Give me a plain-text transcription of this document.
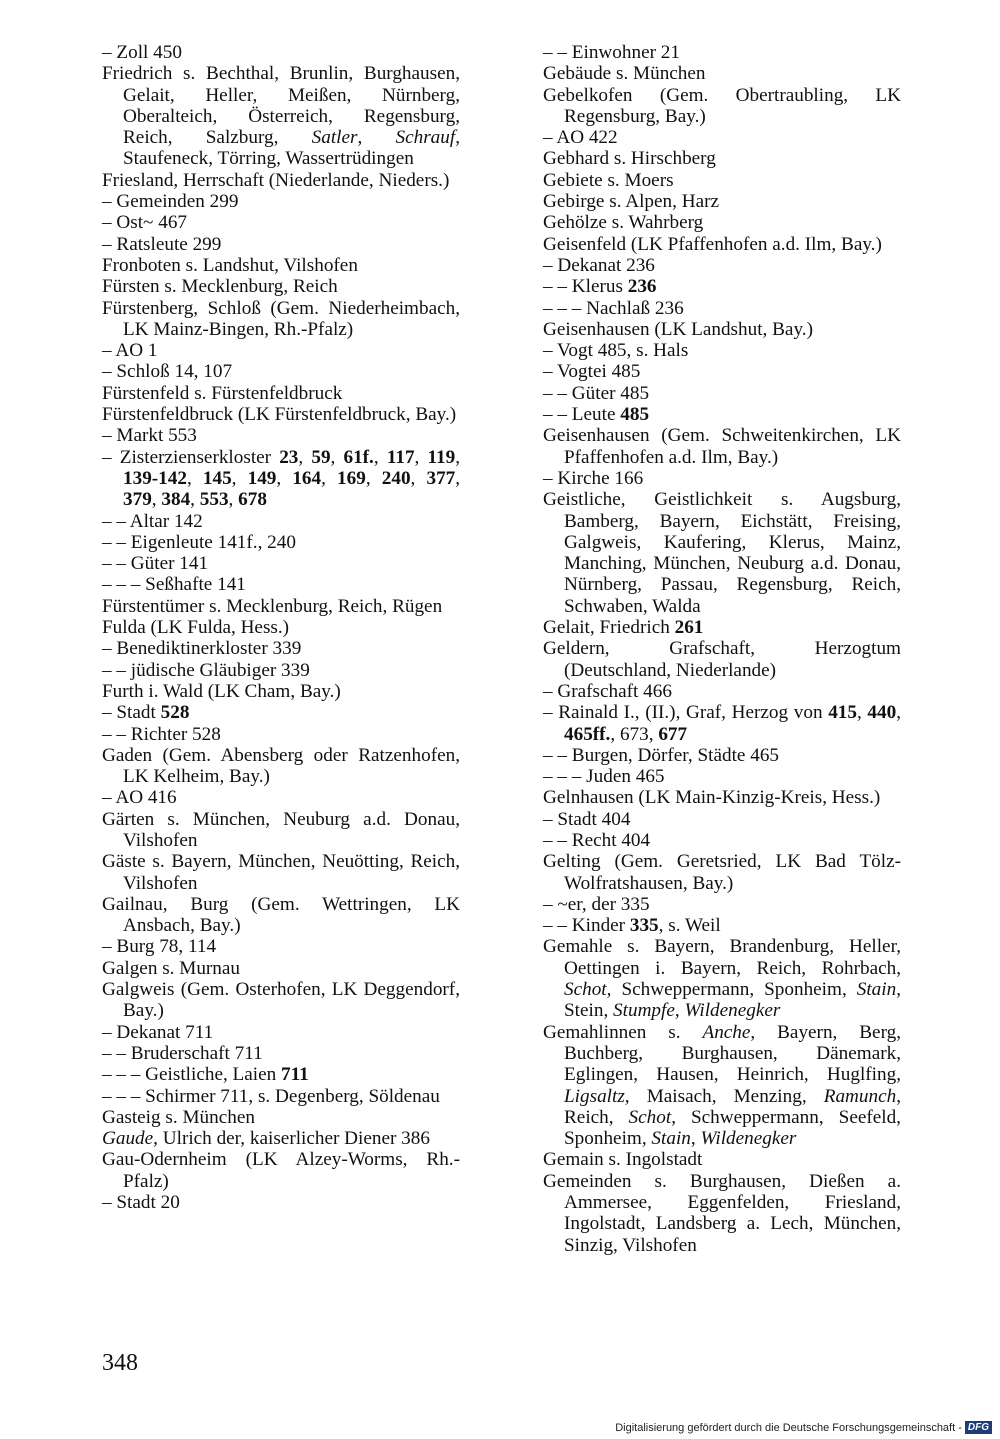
– Zoll 450
Friedrich s. Bechthal, Brunlin, Burghausen, Gelait, Heller, Meißen, Nürnberg, Oberalteich, Österreich, Regensburg, Reich, Salzburg, Satler, Schrauf, Staufeneck, Törring, Wassertrüdingen
Friesland, Herrschaft (Niederlande, Nieders.)
– Gemeinden 299
– Ost~ 467
– Ratsleute 299
Fronboten s. Landshut, Vilshofen
Fürsten s. Mecklenburg, Reich
Fürstenberg, Schloß (Gem. Niederheimbach, LK Mainz-Bingen, Rh.-Pfalz)
– AO 1
– Schloß 14, 107
Fürstenfeld s. Fürstenfeldbruck
Fürstenfeldbruck (LK Fürstenfeldbruck, Bay.)
– Markt 553
– Zisterzienserkloster 23, 59, 61f., 117, 119, 139-142, 145, 149, 164, 169, 240, 377, 379, 384, 553, 678
– – Altar 142
– – Eigenleute 141f., 240
– – Güter 141
– – – Seßhafte 141
Fürstentümer s. Mecklenburg, Reich, Rügen
Fulda (LK Fulda, Hess.)
– Benediktinerkloster 339
– – jüdische Gläubiger 339
Furth i. Wald (LK Cham, Bay.)
– Stadt 528
– – Richter 528
Gaden (Gem. Abensberg oder Ratzenhofen, LK Kelheim, Bay.)
– AO 416
Gärten s. München, Neuburg a.d. Donau, Vilshofen
Gäste s. Bayern, München, Neuötting, Reich, Vilshofen
Gailnau, Burg (Gem. Wettringen, LK Ansbach, Bay.)
– Burg 78, 114
Galgen s. Murnau
Galgweis (Gem. Osterhofen, LK Deggendorf, Bay.)
– Dekanat 711
– – Bruderschaft 711
– – – Geistliche, Laien 711
– – – Schirmer 711, s. Degenberg, Söldenau
Gasteig s. München
Gaude, Ulrich der, kaiserlicher Diener 386
Gau-Odernheim (LK Alzey-Worms, Rh.-Pfalz)
– Stadt 20
– – Einwohner 21
Gebäude s. München
Gebelkofen (Gem. Obertraubling, LK Regensburg, Bay.)
– AO 422
Gebhard s. Hirschberg
Gebiete s. Moers
Gebirge s. Alpen, Harz
Gehölze s. Wahrberg
Geisenfeld (LK Pfaffenhofen a.d. Ilm, Bay.)
– Dekanat 236
– – Klerus 236
– – – Nachlaß 236
Geisenhausen (LK Landshut, Bay.)
– Vogt 485, s. Hals
– Vogtei 485
– – Güter 485
– – Leute 485
Geisenhausen (Gem. Schweitenkirchen, LK Pfaffenhofen a.d. Ilm, Bay.)
– Kirche 166
Geistliche, Geistlichkeit s. Augsburg, Bamberg, Bayern, Eichstätt, Freising, Galgweis, Kaufering, Klerus, Mainz, Manching, München, Neuburg a.d. Donau, Nürnberg, Passau, Regensburg, Reich, Schwaben, Walda
Gelait, Friedrich 261
Geldern, Grafschaft, Herzogtum (Deutschland, Niederlande)
– Grafschaft 466
– Rainald I., (II.), Graf, Herzog von 415, 440, 465ff., 673, 677
– – Burgen, Dörfer, Städte 465
– – – Juden 465
Gelnhausen (LK Main-Kinzig-Kreis, Hess.)
– Stadt 404
– – Recht 404
Gelting (Gem. Geretsried, LK Bad Tölz-Wolfratshausen, Bay.)
– ~er, der 335
– – Kinder 335, s. Weil
Gemahle s. Bayern, Brandenburg, Heller, Oettingen i. Bayern, Reich, Rohrbach, Schot, Schweppermann, Sponheim, Stain, Stein, Stumpfe, Wildenegker
Gemahlinnen s. Anche, Bayern, Berg, Buchberg, Burghausen, Dänemark, Eglingen, Hausen, Heinrich, Huglfing, Ligsaltz, Maisach, Menzing, Ramunch, Reich, Schot, Schweppermann, Seefeld, Sponheim, Stain, Wildenegker
Gemain s. Ingolstadt
Gemeinden s. Burghausen, Dießen a. Ammersee, Eggenfelden, Friesland, Ingolstadt, Landsberg a. Lech, München, Sinzig, Vilshofen
348
Digitalisierung gefördert durch die Deutsche Forschungsgemeinschaft - DFG
